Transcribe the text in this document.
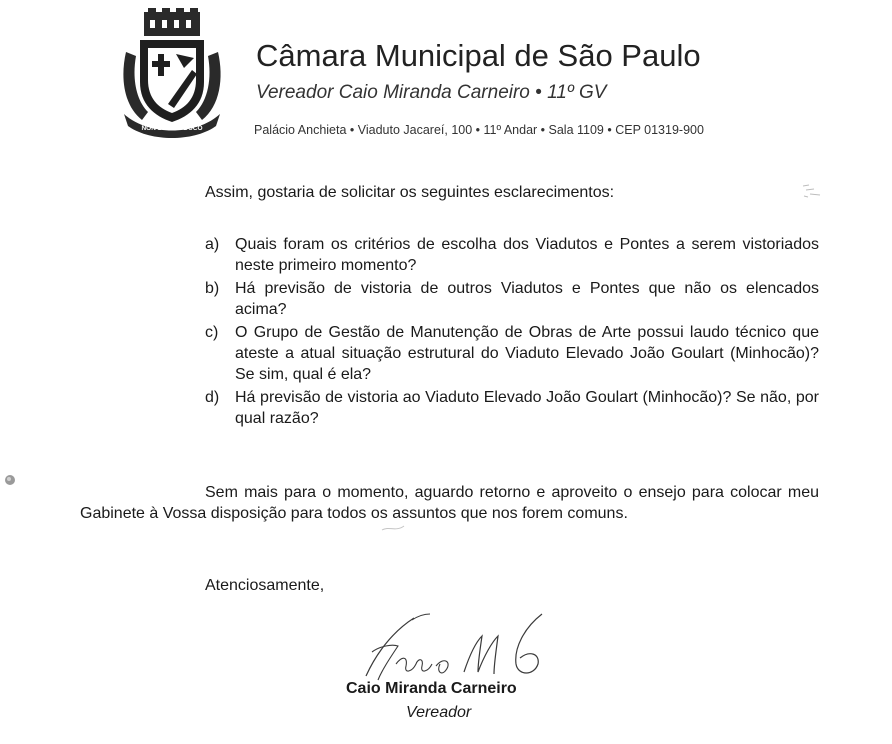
NON DUCOR DUCO
Câmara Municipal de São Paulo
Vereador Caio Miranda Carneiro • 11º GV
Palácio Anchieta • Viaduto Jacareí, 100 • 11º Andar • Sala 1109 • CEP 01319-900
Assim, gostaria de solicitar os seguintes esclarecimentos:
a) Quais foram os critérios de escolha dos Viadutos e Pontes a serem vistoriados neste primeiro momento?
b) Há previsão de vistoria de outros Viadutos e Pontes que não os elencados acima?
c)	O Grupo de Gestão de Manutenção de Obras de Arte possui laudo técnico que ateste a atual situação estrutural do Viaduto Elevado João Goulart (Minhocão)? Se sim, qual é ela?
d) Há previsão de vistoria ao Viaduto Elevado João Goulart (Minhocão)? Se não, por qual razão?

Sem mais para o momento, aguardo retorno e aproveito o ensejo para colocar meu Gabinete à Vossa disposição para todos os assuntos que nos forem comuns.

Atenciosamente,
Caio Miranda Carneiro
Vereador
